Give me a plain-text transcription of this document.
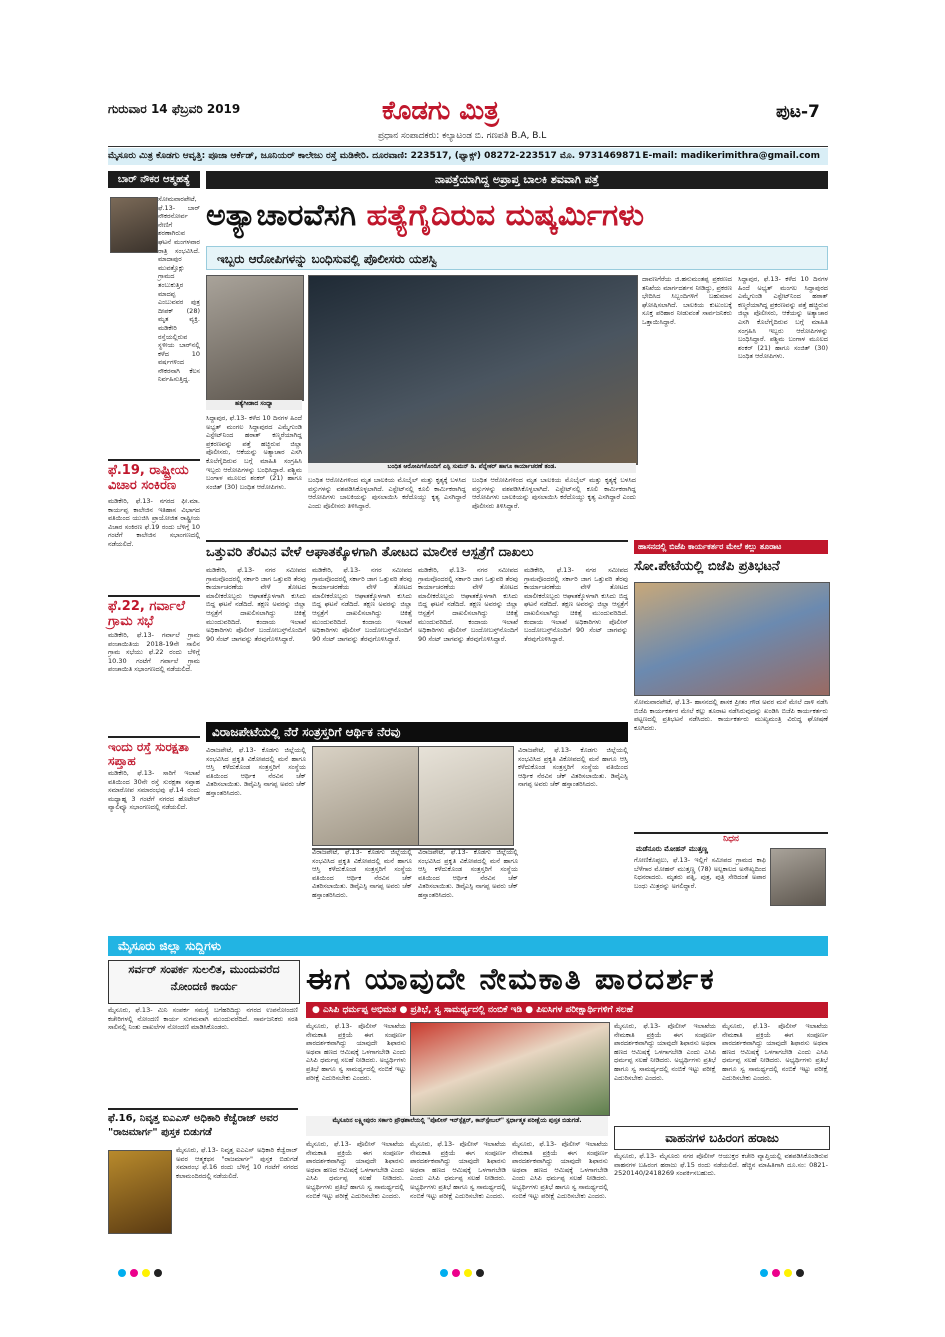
ಗುರುವಾರ 14 ಫೆಬ್ರವರಿ 2019	ಕೊಡಗು ಮಿತ್ರ
ಪ್ರಧಾನ ಸಂಪಾದಕರು: ಕಲ್ಯಾಟಂಡ ಬಿ. ಗಣಪತಿ B.A, B.L
ಪುಟ-7
ಮೈಸೂರು ಮಿತ್ರ ಕೊಡಗು ಆವೃತ್ತಿ: ಪೂಜಾ ಆರ್ಕೆಡ್, ಜೂನಿಯರ್ ಕಾಲೇಜು ರಸ್ತೆ ಮಡಿಕೇರಿ. ದೂರವಾಣಿ: 223517, (ಫ್ಯಾಕ್ಸ್) 08272-223517 ಮೊ. 9731469871 E-mail: madikerimithra@gmail.com
ಬಾರ್ ನೌಕರ ಆತ್ಮಹತ್ಯೆ

ಸೋಮವಾರಪೇಟೆ, ಫೆ.13- ಬಾರ್ ನೌಕರನೋರ್ವ ನೇಣಿಗೆ ಶರಣಾಗಿರುವ ಘಟನೆ ಮಂಗಳವಾರ ರಾತ್ರಿ ಸಂಭವಿಸಿದೆ. ಮಾದಾಪುರ ಮುವತ್ತೊಕ್ಲು ಗ್ರಾಮದ ತಂಬುಕುತ್ತಿರ ಮಾದಪ್ಪ ಎಂಬುವವರ ಪುತ್ರ ದೀಪಕ್ (28) ಮೃತ ವ್ಯಕ್ತಿ. ಮಡಿಕೇರಿ ರಸ್ತೆಯಲ್ಲಿರುವ ಸ್ಥಳೀಯ ಬಾರ್‌ನಲ್ಲಿ ಕಳೆದ 10 ವರ್ಷಗಳಿಂದ ನೌಕರನಾಗಿ ಕೆಲಸ ನಿರ್ವಹಿಸುತ್ತಿದ್ದ.

ಫೆ.19, ರಾಷ್ಟ್ರೀಯ ವಿಚಾರ ಸಂಕಿರಣ
ಮಡಿಕೇರಿ, ಫೆ.13- ನಗರದ ಫೀ.ಮಾ. ಕಾರ್ಯಪ್ಪ ಕಾಲೇಜಿನ ಇತಿಹಾಸ ವಿಭಾಗದ ವತಿಯಿಂದ ಯುಜಿಸಿ ಪ್ರಾಯೋಜಿತ ರಾಷ್ಟ್ರೀಯ ವಿಚಾರ ಸಂಕಿರಣ ಫೆ.19 ರಂದು ಬೆಳಿಗ್ಗೆ 10 ಗಂಟೆಗೆ ಕಾಲೇಜಿನ ಸಭಾಂಗಣದಲ್ಲಿ ನಡೆಯಲಿದೆ.
ಫೆ.22, ಗರ್ವಾಲೆ ಗ್ರಾಮ ಸಭೆ
ಮಡಿಕೇರಿ, ಫೆ.13- ಗರ್ವಾಲೆ ಗ್ರಾಮ ಪಂಚಾಯಿತಿಯ 2018-19ನೇ ಸಾಲಿನ ಗ್ರಾಮ ಸಭೆಯು ಫೆ.22 ರಂದು ಬೆಳಿಗ್ಗೆ 10.30 ಗಂಟೆಗೆ ಗರ್ವಾಲೆ ಗ್ರಾಮ ಪಂಚಾಯಿತಿ ಸಭಾಂಗಣದಲ್ಲಿ ನಡೆಯಲಿದೆ.
ಇಂದು ರಸ್ತೆ ಸುರಕ್ಷತಾ ಸಪ್ತಾಹ
ಮಡಿಕೇರಿ, ಫೆ.13- ಸಾರಿಗೆ ಇಲಾಖೆ ವತಿಯಿಂದ 30ನೇ ರಸ್ತೆ ಸುರಕ್ಷತಾ ಸಪ್ತಾಹ ಸಮಾರೋಪ ಸಮಾರಂಭವು ಫೆ.14 ರಂದು ಮಧ್ಯಾಹ್ನ 3 ಗಂಟೆಗೆ ನಗರದ ಹೊಟೇಲ್ ವ್ಯಾಲಿವ್ಯೂ ಸಭಾಂಗಣದಲ್ಲಿ ನಡೆಯಲಿದೆ.
ನಾಪತ್ತೆಯಾಗಿದ್ದ ಅಪ್ರಾಪ್ತ ಬಾಲಕಿ ಶವವಾಗಿ ಪತ್ತೆ
ಅತ್ಯಾಚಾರವೆಸಗಿ ಹತ್ಯೆಗೈದಿರುವ ದುಷ್ಕರ್ಮಿಗಳು
ಇಬ್ಬರು ಆರೋಪಿಗಳನ್ನು ಬಂಧಿಸುವಲ್ಲಿ ಪೊಲೀಸರು ಯಶಸ್ವಿ
ಹತ್ಯೆಗೀಡಾದ ಸಂಧ್ಯಾ
ಬಂಧಿತ ಆರೋಪಿಗಳೊಂದಿಗೆ ಎಸ್ಪಿ ಸುಮನ್ ಡಿ. ಪೆನ್ನೇಕರ್ ಹಾಗೂ ಕಾರ್ಯಾಚರಣೆ ತಂಡ.
ಸಿದ್ದಾಪುರ, ಫೆ.13- ಕಳೆದ 10 ದಿನಗಳ ಹಿಂದೆ ಅಭ್ಯತ್ ಮಂಗಲ ಸಿದ್ದಾಪುರದ ಎಮ್ಮೆಗುಂಡಿ ಎಸ್ಟೇಟ್‌ನಿಂದ ಹಠಾತ್ ಕಣ್ಮರೆಯಾಗಿದ್ದ ಪ್ರಕರಣವನ್ನು ಪತ್ತೆ ಹಚ್ಚಿರುವ ಜಿಲ್ಲಾ ಪೊಲೀಸರು, ಆಕೆಯನ್ನು ಅತ್ಯಾಚಾರ ಎಸಗಿ ಕೊಲೆಗೈದಿರುವ ಬಗ್ಗೆ ಮಾಹಿತಿ ಸಂಗ್ರಹಿಸಿ ಇಬ್ಬರು ಆರೋಪಿಗಳನ್ನು ಬಂಧಿಸಿದ್ದಾರೆ. ಪಶ್ಚಿಮ ಬಂಗಾಳ ಮೂಲದ ಶಂಕರ್ (21) ಹಾಗೂ ಸಂಜಿತ್ (30) ಬಂಧಿತ ಆರೋಪಿಗಳು.
ಬಂಧಿತ ಆರೋಪಿಗಳಿಂದ ಮೃತ ಬಾಲಕಿಯ ಮೊಬೈಲ್ ಮತ್ತು ಕೃತ್ಯಕ್ಕೆ ಬಳಸಿದ ವಸ್ತುಗಳನ್ನು ವಶಪಡಿಸಿಕೊಳ್ಳಲಾಗಿದೆ. ಎಸ್ಟೇಟ್‌ನಲ್ಲಿ ಕೂಲಿ ಕಾರ್ಮಿಕರಾಗಿದ್ದ ಆರೋಪಿಗಳು ಬಾಲಕಿಯನ್ನು ಪುಸಲಾಯಿಸಿ ಕರೆದೊಯ್ದು ಕೃತ್ಯ ಎಸಗಿದ್ದಾರೆ ಎಂದು ಪೊಲೀಸರು ತಿಳಿಸಿದ್ದಾರೆ.
ಬಂಧಿತ ಆರೋಪಿಗಳಿಂದ ಮೃತ ಬಾಲಕಿಯ ಮೊಬೈಲ್ ಮತ್ತು ಕೃತ್ಯಕ್ಕೆ ಬಳಸಿದ ವಸ್ತುಗಳನ್ನು ವಶಪಡಿಸಿಕೊಳ್ಳಲಾಗಿದೆ. ಎಸ್ಟೇಟ್‌ನಲ್ಲಿ ಕೂಲಿ ಕಾರ್ಮಿಕರಾಗಿದ್ದ ಆರೋಪಿಗಳು ಬಾಲಕಿಯನ್ನು ಪುಸಲಾಯಿಸಿ ಕರೆದೊಯ್ದು ಕೃತ್ಯ ಎಸಗಿದ್ದಾರೆ ಎಂದು ಪೊಲೀಸರು ತಿಳಿಸಿದ್ದಾರೆ.
ದಾವಣಗೆರೆಯ ಜಿ.ಹನುಮಂತಪ್ಪ ಪ್ರಕರಣದ ತನಿಖೆಯ ಮಾರ್ಗದರ್ಶನ ನೀಡಿದ್ದು, ಪ್ರಕರಣ ಭೇದಿಸಿದ ಸಿಬ್ಬಂದಿಗಳಿಗೆ ಬಹುಮಾನ ಘೋಷಿಸಲಾಗಿದೆ. ಬಾಲಕಿಯ ಕುಟುಂಬಕ್ಕೆ ಸೂಕ್ತ ಪರಿಹಾರ ನೀಡುವಂತೆ ಸಾರ್ವಜನಿಕರು ಒತ್ತಾಯಿಸಿದ್ದಾರೆ.
ಸಿದ್ದಾಪುರ, ಫೆ.13- ಕಳೆದ 10 ದಿನಗಳ ಹಿಂದೆ ಅಭ್ಯತ್ ಮಂಗಲ ಸಿದ್ದಾಪುರದ ಎಮ್ಮೆಗುಂಡಿ ಎಸ್ಟೇಟ್‌ನಿಂದ ಹಠಾತ್ ಕಣ್ಮರೆಯಾಗಿದ್ದ ಪ್ರಕರಣವನ್ನು ಪತ್ತೆ ಹಚ್ಚಿರುವ ಜಿಲ್ಲಾ ಪೊಲೀಸರು, ಆಕೆಯನ್ನು ಅತ್ಯಾಚಾರ ಎಸಗಿ ಕೊಲೆಗೈದಿರುವ ಬಗ್ಗೆ ಮಾಹಿತಿ ಸಂಗ್ರಹಿಸಿ ಇಬ್ಬರು ಆರೋಪಿಗಳನ್ನು ಬಂಧಿಸಿದ್ದಾರೆ. ಪಶ್ಚಿಮ ಬಂಗಾಳ ಮೂಲದ ಶಂಕರ್ (21) ಹಾಗೂ ಸಂಜಿತ್ (30) ಬಂಧಿತ ಆರೋಪಿಗಳು.
ಒತ್ತುವರಿ ತೆರವಿನ ವೇಳೆ ಆಘಾತಕ್ಕೊಳಗಾಗಿ ತೋಟದ ಮಾಲೀಕ ಆಸ್ಪತ್ರೆಗೆ ದಾಖಲು
ಮಡಿಕೇರಿ, ಫೆ.13- ನಗರ ಸಮೀಪದ ಗ್ರಾಮವೊಂದರಲ್ಲಿ ಸರ್ಕಾರಿ ಜಾಗ ಒತ್ತುವರಿ ತೆರವು ಕಾರ್ಯಾಚರಣೆಯ ವೇಳೆ ತೋಟದ ಮಾಲೀಕರೊಬ್ಬರು ಆಘಾತಕ್ಕೊಳಗಾಗಿ ಕುಸಿದು ಬಿದ್ದ ಘಟನೆ ನಡೆದಿದೆ. ತಕ್ಷಣ ಅವರನ್ನು ಜಿಲ್ಲಾ ಆಸ್ಪತ್ರೆಗೆ ದಾಖಲಿಸಲಾಗಿದ್ದು ಚಿಕಿತ್ಸೆ ಮುಂದುವರಿದಿದೆ. ಕಂದಾಯ ಇಲಾಖೆ ಅಧಿಕಾರಿಗಳು ಪೊಲೀಸ್ ಬಂದೋಬಸ್ತ್‌ನೊಂದಿಗೆ 90 ಸೆಂಟ್ ಜಾಗವನ್ನು ತೆರವುಗೊಳಿಸಿದ್ದಾರೆ.
ಮಡಿಕೇರಿ, ಫೆ.13- ನಗರ ಸಮೀಪದ ಗ್ರಾಮವೊಂದರಲ್ಲಿ ಸರ್ಕಾರಿ ಜಾಗ ಒತ್ತುವರಿ ತೆರವು ಕಾರ್ಯಾಚರಣೆಯ ವೇಳೆ ತೋಟದ ಮಾಲೀಕರೊಬ್ಬರು ಆಘಾತಕ್ಕೊಳಗಾಗಿ ಕುಸಿದು ಬಿದ್ದ ಘಟನೆ ನಡೆದಿದೆ. ತಕ್ಷಣ ಅವರನ್ನು ಜಿಲ್ಲಾ ಆಸ್ಪತ್ರೆಗೆ ದಾಖಲಿಸಲಾಗಿದ್ದು ಚಿಕಿತ್ಸೆ ಮುಂದುವರಿದಿದೆ. ಕಂದಾಯ ಇಲಾಖೆ ಅಧಿಕಾರಿಗಳು ಪೊಲೀಸ್ ಬಂದೋಬಸ್ತ್‌ನೊಂದಿಗೆ 90 ಸೆಂಟ್ ಜಾಗವನ್ನು ತೆರವುಗೊಳಿಸಿದ್ದಾರೆ.
ಮಡಿಕೇರಿ, ಫೆ.13- ನಗರ ಸಮೀಪದ ಗ್ರಾಮವೊಂದರಲ್ಲಿ ಸರ್ಕಾರಿ ಜಾಗ ಒತ್ತುವರಿ ತೆರವು ಕಾರ್ಯಾಚರಣೆಯ ವೇಳೆ ತೋಟದ ಮಾಲೀಕರೊಬ್ಬರು ಆಘಾತಕ್ಕೊಳಗಾಗಿ ಕುಸಿದು ಬಿದ್ದ ಘಟನೆ ನಡೆದಿದೆ. ತಕ್ಷಣ ಅವರನ್ನು ಜಿಲ್ಲಾ ಆಸ್ಪತ್ರೆಗೆ ದಾಖಲಿಸಲಾಗಿದ್ದು ಚಿಕಿತ್ಸೆ ಮುಂದುವರಿದಿದೆ. ಕಂದಾಯ ಇಲಾಖೆ ಅಧಿಕಾರಿಗಳು ಪೊಲೀಸ್ ಬಂದೋಬಸ್ತ್‌ನೊಂದಿಗೆ 90 ಸೆಂಟ್ ಜಾಗವನ್ನು ತೆರವುಗೊಳಿಸಿದ್ದಾರೆ.
ಮಡಿಕೇರಿ, ಫೆ.13- ನಗರ ಸಮೀಪದ ಗ್ರಾಮವೊಂದರಲ್ಲಿ ಸರ್ಕಾರಿ ಜಾಗ ಒತ್ತುವರಿ ತೆರವು ಕಾರ್ಯಾಚರಣೆಯ ವೇಳೆ ತೋಟದ ಮಾಲೀಕರೊಬ್ಬರು ಆಘಾತಕ್ಕೊಳಗಾಗಿ ಕುಸಿದು ಬಿದ್ದ ಘಟನೆ ನಡೆದಿದೆ. ತಕ್ಷಣ ಅವರನ್ನು ಜಿಲ್ಲಾ ಆಸ್ಪತ್ರೆಗೆ ದಾಖಲಿಸಲಾಗಿದ್ದು ಚಿಕಿತ್ಸೆ ಮುಂದುವರಿದಿದೆ. ಕಂದಾಯ ಇಲಾಖೆ ಅಧಿಕಾರಿಗಳು ಪೊಲೀಸ್ ಬಂದೋಬಸ್ತ್‌ನೊಂದಿಗೆ 90 ಸೆಂಟ್ ಜಾಗವನ್ನು ತೆರವುಗೊಳಿಸಿದ್ದಾರೆ.
ಹಾಸನದಲ್ಲಿ ಬಿಜೆಪಿ ಕಾರ್ಯಕರ್ತರ ಮೇಲೆ ಕಲ್ಲು ತೂರಾಟ
ಸೋ.ಪೇಟೆಯಲ್ಲಿ ಬಿಜೆಪಿ ಪ್ರತಿಭಟನೆ
ಸೋಮವಾರಪೇಟೆ, ಫೆ.13- ಹಾಸನದಲ್ಲಿ ಶಾಸಕ ಪ್ರೀತಂ ಗೌಡ ಅವರ ಮನೆ ಮೇಲೆ ದಾಳಿ ನಡೆಸಿ ಬಿಜೆಪಿ ಕಾರ್ಯಕರ್ತರ ಮೇಲೆ ಕಲ್ಲು ತೂರಾಟ ನಡೆಸಿರುವುದನ್ನು ಖಂಡಿಸಿ ಬಿಜೆಪಿ ಕಾರ್ಯಕರ್ತರು ಪಟ್ಟಣದಲ್ಲಿ ಪ್ರತಿಭಟನೆ ನಡೆಸಿದರು. ಕಾರ್ಯಕರ್ತರು ಮುಖ್ಯಮಂತ್ರಿ ವಿರುದ್ಧ ಘೋಷಣೆ ಕೂಗಿದರು.
ವಿರಾಜಪೇಟೆಯಲ್ಲಿ ನೆರೆ ಸಂತ್ರಸ್ತರಿಗೆ ಆರ್ಥಿಕ ನೆರವು
ವಿರಾಜಪೇಟೆ, ಫೆ.13- ಕೊಡಗು ಜಿಲ್ಲೆಯಲ್ಲಿ ಸಂಭವಿಸಿದ ಪ್ರಕೃತಿ ವಿಕೋಪದಲ್ಲಿ ಮನೆ ಹಾಗೂ ಆಸ್ತಿ ಕಳೆದುಕೊಂಡ ಸಂತ್ರಸ್ತರಿಗೆ ಸಂಸ್ಥೆಯ ವತಿಯಿಂದ ಆರ್ಥಿಕ ನೆರವಿನ ಚೆಕ್ ವಿತರಿಸಲಾಯಿತು. ಡಿವೈಎಸ್ಪಿ ನಾಗಪ್ಪ ಅವರು ಚೆಕ್ ಹಸ್ತಾಂತರಿಸಿದರು.
ವಿರಾಜಪೇಟೆ, ಫೆ.13- ಕೊಡಗು ಜಿಲ್ಲೆಯಲ್ಲಿ ಸಂಭವಿಸಿದ ಪ್ರಕೃತಿ ವಿಕೋಪದಲ್ಲಿ ಮನೆ ಹಾಗೂ ಆಸ್ತಿ ಕಳೆದುಕೊಂಡ ಸಂತ್ರಸ್ತರಿಗೆ ಸಂಸ್ಥೆಯ ವತಿಯಿಂದ ಆರ್ಥಿಕ ನೆರವಿನ ಚೆಕ್ ವಿತರಿಸಲಾಯಿತು. ಡಿವೈಎಸ್ಪಿ ನಾಗಪ್ಪ ಅವರು ಚೆಕ್ ಹಸ್ತಾಂತರಿಸಿದರು.
ವಿರಾಜಪೇಟೆ, ಫೆ.13- ಕೊಡಗು ಜಿಲ್ಲೆಯಲ್ಲಿ ಸಂಭವಿಸಿದ ಪ್ರಕೃತಿ ವಿಕೋಪದಲ್ಲಿ ಮನೆ ಹಾಗೂ ಆಸ್ತಿ ಕಳೆದುಕೊಂಡ ಸಂತ್ರಸ್ತರಿಗೆ ಸಂಸ್ಥೆಯ ವತಿಯಿಂದ ಆರ್ಥಿಕ ನೆರವಿನ ಚೆಕ್ ವಿತರಿಸಲಾಯಿತು. ಡಿವೈಎಸ್ಪಿ ನಾಗಪ್ಪ ಅವರು ಚೆಕ್ ಹಸ್ತಾಂತರಿಸಿದರು.
ವಿರಾಜಪೇಟೆ, ಫೆ.13- ಕೊಡಗು ಜಿಲ್ಲೆಯಲ್ಲಿ ಸಂಭವಿಸಿದ ಪ್ರಕೃತಿ ವಿಕೋಪದಲ್ಲಿ ಮನೆ ಹಾಗೂ ಆಸ್ತಿ ಕಳೆದುಕೊಂಡ ಸಂತ್ರಸ್ತರಿಗೆ ಸಂಸ್ಥೆಯ ವತಿಯಿಂದ ಆರ್ಥಿಕ ನೆರವಿನ ಚೆಕ್ ವಿತರಿಸಲಾಯಿತು. ಡಿವೈಎಸ್ಪಿ ನಾಗಪ್ಪ ಅವರು ಚೆಕ್ ಹಸ್ತಾಂತರಿಸಿದರು.
ನಿಧನ
ಮಡೆನೂರು ಮೋಹನ್ ಮುತ್ತಣ್ಣ
ಗೋಣಿಕೊಪ್ಪಲು, ಫೆ.13- ಇಲ್ಲಿಗೆ ಸಮೀಪದ ಗ್ರಾಮದ ಕಾಫಿ ಬೆಳೆಗಾರ ಮೋಹನ್ ಮುತ್ತಣ್ಣ (78) ಅಲ್ಪಕಾಲದ ಅಸೌಖ್ಯದಿಂದ ನಿಧನರಾದರು. ಮೃತರು ಪತ್ನಿ, ಪುತ್ರ, ಪುತ್ರಿ ಸೇರಿದಂತೆ ಅಪಾರ ಬಂಧು ಮಿತ್ರರನ್ನು ಅಗಲಿದ್ದಾರೆ.
ಮೈಸೂರು ಜಿಲ್ಲಾ ಸುದ್ದಿಗಳು
ಸರ್ವರ್ ಸಂಪರ್ಕ ಸುಲಲಿತ, ಮುಂದುವರೆದ ನೋಂದಣಿ ಕಾರ್ಯ
ಮೈಸೂರು, ಫೆ.13- ಮಿನಿ ಸಂಪರ್ಕ ಸಮಸ್ಯೆ ಬಗೆಹರಿದಿದ್ದು ನಗರದ ಉಪನೋಂದಣಿ ಕಚೇರಿಗಳಲ್ಲಿ ನೋಂದಣಿ ಕಾರ್ಯ ಸುಗಮವಾಗಿ ಮುಂದುವರೆದಿದೆ. ಸಾರ್ವಜನಿಕರು ಸರತಿ ಸಾಲಿನಲ್ಲಿ ನಿಂತು ದಾಖಲೆಗಳ ನೋಂದಣಿ ಮಾಡಿಸಿಕೊಂಡರು.
ಫೆ.16, ನಿವೃತ್ತ ಐಎಎಸ್ ಅಧಿಕಾರಿ ಕೆಜ್ವೆರಾಜ್ ಅವರ "ರಾಜಮಾರ್ಗ" ಪುಸ್ತಕ ಬಿಡುಗಡೆ
ಮೈಸೂರು, ಫೆ.13- ನಿವೃತ್ತ ಐಎಎಸ್ ಅಧಿಕಾರಿ ಕೆಜ್ವೆರಾಜ್ ಅವರ ಆತ್ಮಕಥನ "ರಾಜಮಾರ್ಗ" ಪುಸ್ತಕ ಬಿಡುಗಡೆ ಸಮಾರಂಭ ಫೆ.16 ರಂದು ಬೆಳಿಗ್ಗೆ 10 ಗಂಟೆಗೆ ನಗರದ ಕಲಾಮಂದಿರದಲ್ಲಿ ನಡೆಯಲಿದೆ.
ಈಗ ಯಾವುದೇ ನೇಮಕಾತಿ ಪಾರದರ್ಶಕ
● ಎಸಿಪಿ ಧರ್ಮಪ್ಪ ಅಭಿಮತ ● ಪ್ರತಿಭೆ, ಸ್ವ ಸಾಮರ್ಥ್ಯದಲ್ಲಿ ನಂಬಿಕೆ ಇಡಿ ● ಪಿಐಸಿಗಳ ಪರೀಕ್ಷಾರ್ಥಿಗಳಿಗೆ ಸಲಹೆ
ಮೈಸೂರು, ಫೆ.13- ಪೊಲೀಸ್ ಇಲಾಖೆಯ ನೇಮಕಾತಿ ಪ್ರಕ್ರಿಯೆ ಈಗ ಸಂಪೂರ್ಣ ಪಾರದರ್ಶಕವಾಗಿದ್ದು ಯಾವುದೇ ಶಿಫಾರಸು ಅಥವಾ ಹಣದ ಆಮಿಷಕ್ಕೆ ಒಳಗಾಗಬೇಡಿ ಎಂದು ಎಸಿಪಿ ಧರ್ಮಪ್ಪ ಸಲಹೆ ನೀಡಿದರು. ಅಭ್ಯರ್ಥಿಗಳು ಪ್ರತಿಭೆ ಹಾಗೂ ಸ್ವ ಸಾಮರ್ಥ್ಯದಲ್ಲಿ ನಂಬಿಕೆ ಇಟ್ಟು ಪರೀಕ್ಷೆ ಎದುರಿಸಬೇಕು ಎಂದರು.
ಮೈಸೂರಿನ ಲಕ್ಷ್ಮೀಪುರಂ ಸರ್ಕಾರಿ ಪ್ರೌಢಶಾಲೆಯಲ್ಲಿ "ಪೊಲೀಸ್ ಇನ್‌ಸ್ಪೆಕ್ಟರ್, ಕಾನ್‌ಸ್ಟೇಬಲ್" ಸ್ಪರ್ಧಾತ್ಮಕ ಪರೀಕ್ಷೆಯ ಪುಸ್ತಕ ಬಿಡುಗಡೆ.
ಮೈಸೂರು, ಫೆ.13- ಪೊಲೀಸ್ ಇಲಾಖೆಯ ನೇಮಕಾತಿ ಪ್ರಕ್ರಿಯೆ ಈಗ ಸಂಪೂರ್ಣ ಪಾರದರ್ಶಕವಾಗಿದ್ದು ಯಾವುದೇ ಶಿಫಾರಸು ಅಥವಾ ಹಣದ ಆಮಿಷಕ್ಕೆ ಒಳಗಾಗಬೇಡಿ ಎಂದು ಎಸಿಪಿ ಧರ್ಮಪ್ಪ ಸಲಹೆ ನೀಡಿದರು. ಅಭ್ಯರ್ಥಿಗಳು ಪ್ರತಿಭೆ ಹಾಗೂ ಸ್ವ ಸಾಮರ್ಥ್ಯದಲ್ಲಿ ನಂಬಿಕೆ ಇಟ್ಟು ಪರೀಕ್ಷೆ ಎದುರಿಸಬೇಕು ಎಂದರು.
ಮೈಸೂರು, ಫೆ.13- ಪೊಲೀಸ್ ಇಲಾಖೆಯ ನೇಮಕಾತಿ ಪ್ರಕ್ರಿಯೆ ಈಗ ಸಂಪೂರ್ಣ ಪಾರದರ್ಶಕವಾಗಿದ್ದು ಯಾವುದೇ ಶಿಫಾರಸು ಅಥವಾ ಹಣದ ಆಮಿಷಕ್ಕೆ ಒಳಗಾಗಬೇಡಿ ಎಂದು ಎಸಿಪಿ ಧರ್ಮಪ್ಪ ಸಲಹೆ ನೀಡಿದರು. ಅಭ್ಯರ್ಥಿಗಳು ಪ್ರತಿಭೆ ಹಾಗೂ ಸ್ವ ಸಾಮರ್ಥ್ಯದಲ್ಲಿ ನಂಬಿಕೆ ಇಟ್ಟು ಪರೀಕ್ಷೆ ಎದುರಿಸಬೇಕು ಎಂದರು.
ಮೈಸೂರು, ಫೆ.13- ಪೊಲೀಸ್ ಇಲಾಖೆಯ ನೇಮಕಾತಿ ಪ್ರಕ್ರಿಯೆ ಈಗ ಸಂಪೂರ್ಣ ಪಾರದರ್ಶಕವಾಗಿದ್ದು ಯಾವುದೇ ಶಿಫಾರಸು ಅಥವಾ ಹಣದ ಆಮಿಷಕ್ಕೆ ಒಳಗಾಗಬೇಡಿ ಎಂದು ಎಸಿಪಿ ಧರ್ಮಪ್ಪ ಸಲಹೆ ನೀಡಿದರು. ಅಭ್ಯರ್ಥಿಗಳು ಪ್ರತಿಭೆ ಹಾಗೂ ಸ್ವ ಸಾಮರ್ಥ್ಯದಲ್ಲಿ ನಂಬಿಕೆ ಇಟ್ಟು ಪರೀಕ್ಷೆ ಎದುರಿಸಬೇಕು ಎಂದರು.
ಮೈಸೂರು, ಫೆ.13- ಪೊಲೀಸ್ ಇಲಾಖೆಯ ನೇಮಕಾತಿ ಪ್ರಕ್ರಿಯೆ ಈಗ ಸಂಪೂರ್ಣ ಪಾರದರ್ಶಕವಾಗಿದ್ದು ಯಾವುದೇ ಶಿಫಾರಸು ಅಥವಾ ಹಣದ ಆಮಿಷಕ್ಕೆ ಒಳಗಾಗಬೇಡಿ ಎಂದು ಎಸಿಪಿ ಧರ್ಮಪ್ಪ ಸಲಹೆ ನೀಡಿದರು. ಅಭ್ಯರ್ಥಿಗಳು ಪ್ರತಿಭೆ ಹಾಗೂ ಸ್ವ ಸಾಮರ್ಥ್ಯದಲ್ಲಿ ನಂಬಿಕೆ ಇಟ್ಟು ಪರೀಕ್ಷೆ ಎದುರಿಸಬೇಕು ಎಂದರು.
ಮೈಸೂರು, ಫೆ.13- ಪೊಲೀಸ್ ಇಲಾಖೆಯ ನೇಮಕಾತಿ ಪ್ರಕ್ರಿಯೆ ಈಗ ಸಂಪೂರ್ಣ ಪಾರದರ್ಶಕವಾಗಿದ್ದು ಯಾವುದೇ ಶಿಫಾರಸು ಅಥವಾ ಹಣದ ಆಮಿಷಕ್ಕೆ ಒಳಗಾಗಬೇಡಿ ಎಂದು ಎಸಿಪಿ ಧರ್ಮಪ್ಪ ಸಲಹೆ ನೀಡಿದರು. ಅಭ್ಯರ್ಥಿಗಳು ಪ್ರತಿಭೆ ಹಾಗೂ ಸ್ವ ಸಾಮರ್ಥ್ಯದಲ್ಲಿ ನಂಬಿಕೆ ಇಟ್ಟು ಪರೀಕ್ಷೆ ಎದುರಿಸಬೇಕು ಎಂದರು.
ವಾಹನಗಳ ಬಹಿರಂಗ ಹರಾಜು
ಮೈಸೂರು, ಫೆ.13- ಮೈಸೂರು ನಗರ ಪೊಲೀಸ್ ಆಯುಕ್ತರ ಕಚೇರಿ ವ್ಯಾಪ್ತಿಯಲ್ಲಿ ವಶಪಡಿಸಿಕೊಂಡಿರುವ ವಾಹನಗಳ ಬಹಿರಂಗ ಹರಾಜು ಫೆ.15 ರಂದು ನಡೆಯಲಿದೆ. ಹೆಚ್ಚಿನ ಮಾಹಿತಿಗಾಗಿ ದೂ.ಸಂ: 0821-2520140/2418269 ಸಂಪರ್ಕಿಸಬಹುದು.
